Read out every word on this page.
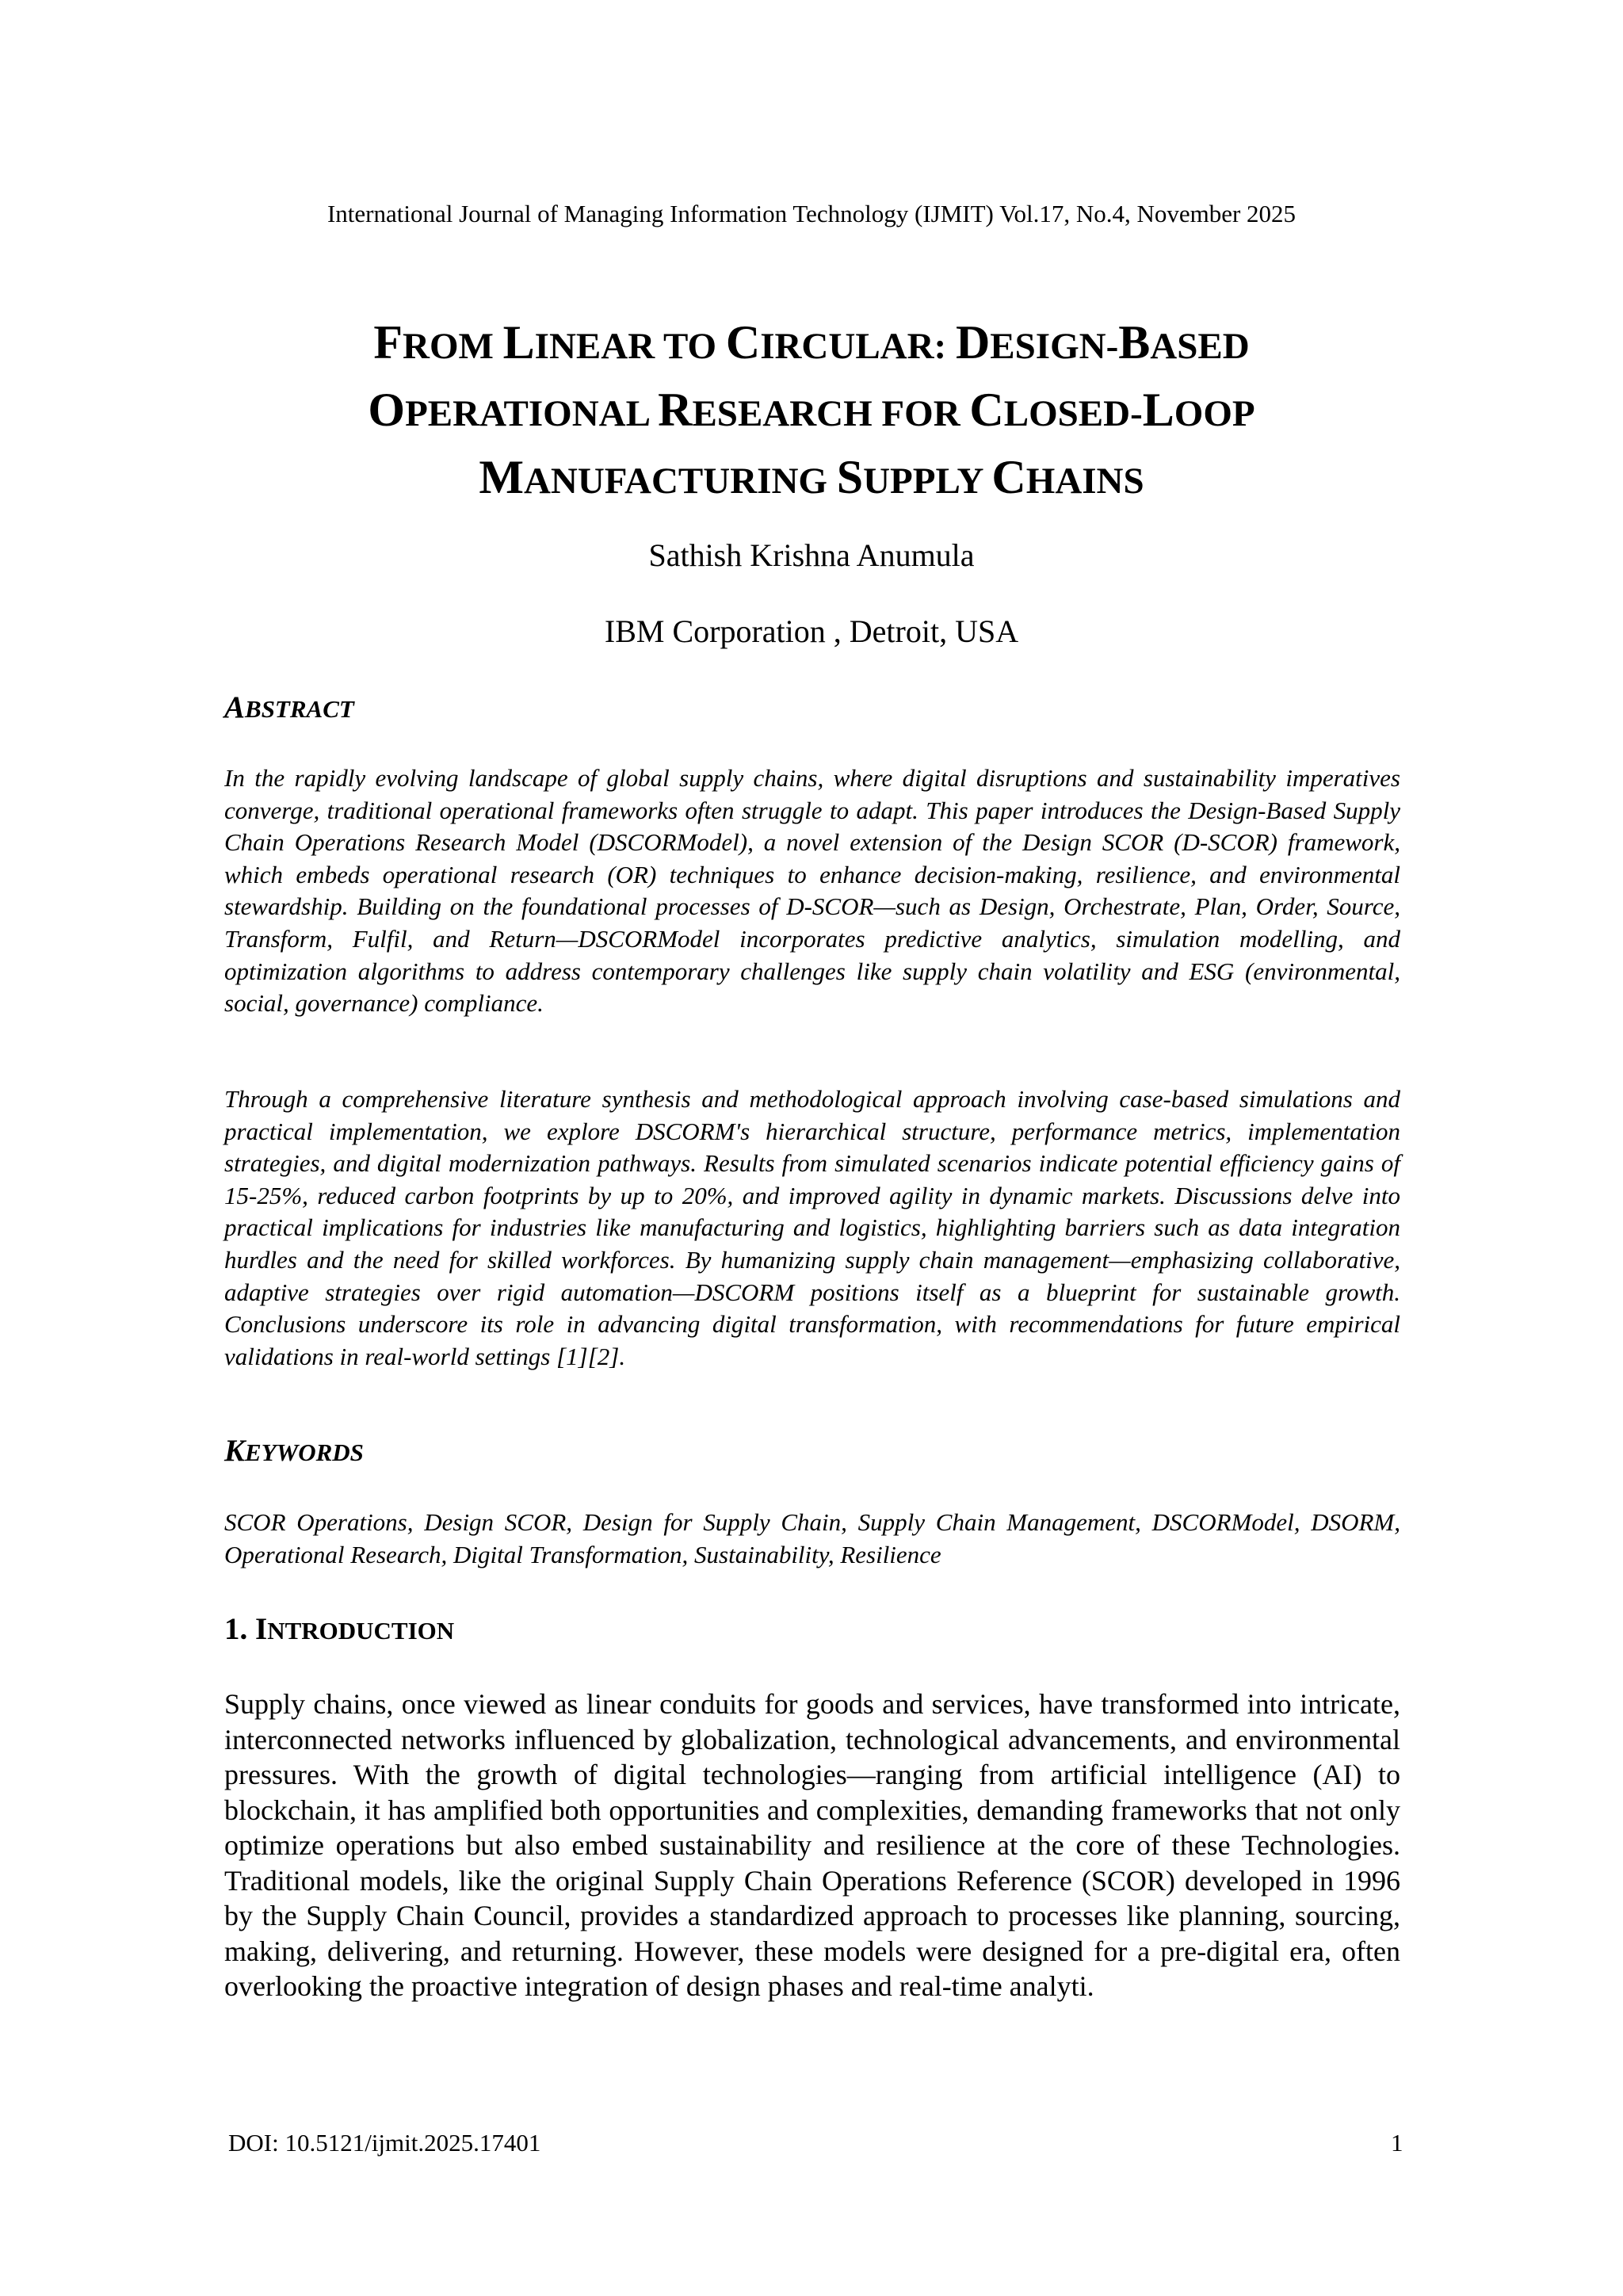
International Journal of Managing Information Technology (IJMIT) Vol.17, No.4, November 2025
FROM LINEAR TO CIRCULAR: DESIGN-BASED
OPERATIONAL RESEARCH FOR CLOSED-LOOP
MANUFACTURING SUPPLY CHAINS
Sathish Krishna Anumula
IBM Corporation , Detroit, USA
ABSTRACT

In the rapidly evolving landscape of global supply chains, where digital disruptions and sustainability imperatives converge, traditional operational frameworks often struggle to adapt. This paper introduces the Design-Based Supply Chain Operations Research Model (DSCORModel), a novel extension of the Design SCOR (D-SCOR) framework, which embeds operational research (OR) techniques to enhance decision-making, resilience, and environmental stewardship. Building on the foundational processes of D-SCOR—such as Design, Orchestrate, Plan, Order, Source, Transform, Fulfil, and Return—DSCORModel incorporates predictive analytics, simulation modelling, and optimization algorithms to address contemporary challenges like supply chain volatility and ESG (environmental, social, governance) compliance.

Through a comprehensive literature synthesis and methodological approach involving case-based simulations and practical implementation, we explore DSCORM's hierarchical structure, performance metrics, implementation strategies, and digital modernization pathways. Results from simulated scenarios indicate potential efficiency gains of 15-25%, reduced carbon footprints by up to 20%, and improved agility in dynamic markets. Discussions delve into practical implications for industries like manufacturing and logistics, highlighting barriers such as data integration hurdles and the need for skilled workforces. By humanizing supply chain management—emphasizing collaborative, adaptive strategies over rigid automation—DSCORM positions itself as a blueprint for sustainable growth. Conclusions underscore its role in advancing digital transformation, with recommendations for future empirical validations in real-world settings [1][2].

KEYWORDS

SCOR Operations, Design SCOR, Design for Supply Chain, Supply Chain Management, DSCORModel, DSORM, Operational Research, Digital Transformation, Sustainability, Resilience

1. INTRODUCTION

Supply chains, once viewed as linear conduits for goods and services, have transformed into intricate, interconnected networks influenced by globalization, technological advancements, and environmental pressures. With the growth of digital technologies—ranging from artificial intelligence (AI) to blockchain, it has amplified both opportunities and complexities, demanding frameworks that not only optimize operations but also embed sustainability and resilience at the core of these Technologies. Traditional models, like the original Supply Chain Operations Reference (SCOR) developed in 1996 by the Supply Chain Council, provides a standardized approach to processes like planning, sourcing, making, delivering, and returning. However, these models were designed for a pre-digital era, often overlooking the proactive integration of design phases and real-time analyti.

DOI: 10.5121/ijmit.2025.17401	1
